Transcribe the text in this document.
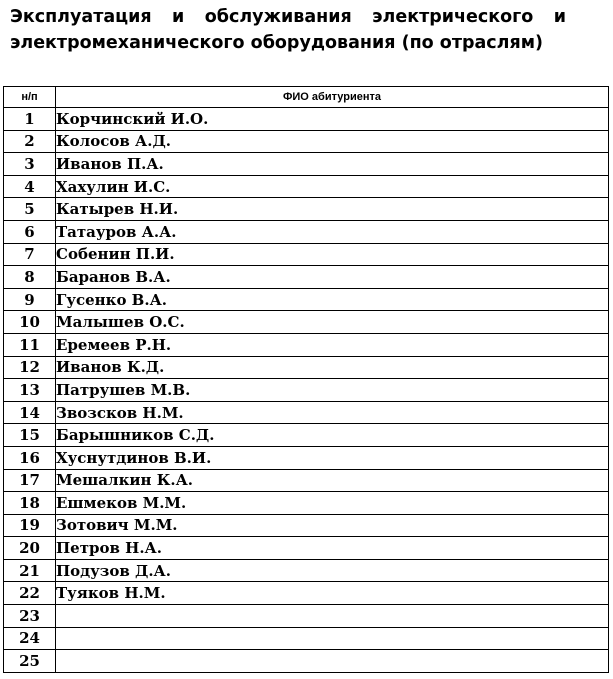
Эксплуатация и обслуживания электрического и
электромеханического оборудования (по отраслям)
н/п	ФИО абитуриента
1	Корчинский И.О.
2	Колосов А.Д.
3	Иванов П.А.
4	Хахулин И.С.
5	Катырев Н.И.
6	Татауров А.А.
7	Собенин П.И.
8	Баранов В.А.
9	Гусенко В.А.
10	Малышев О.С.
11	Еремеев Р.Н.
12	Иванов К.Д.
13	Патрушев М.В.
14	Звозсков Н.М.
15	Барышников С.Д.
16	Хуснутдинов В.И.
17	Мешалкин К.А.
18	Ешмеков М.М.
19	Зотович М.М.
20	Петров Н.А.
21	Подузов Д.А.
22	Туяков Н.М.
23	
24	
25	
